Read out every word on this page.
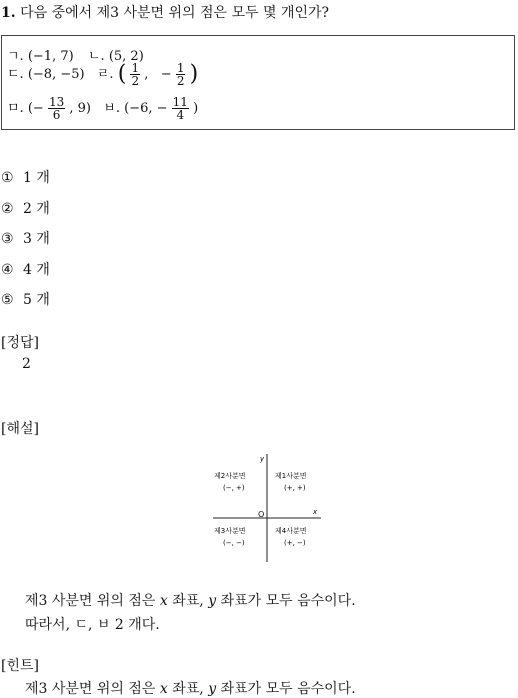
1. 다음 중에서 제3 사분면 위의 점은 모두 몇 개인가?
ㄱ. (−1, 7) ㄴ. (5, 2)
ㄷ. (−8, −5) ㄹ. ( $\frac{1}{2}$ ,   − $\frac{1}{2}$ )
ㅁ. (− $\frac{13}{6}$ , 9) ㅂ. (−6, − $\frac{11}{4}$ )
① 1 개
② 2 개
③ 3 개
④ 4 개
⑤ 5 개
[정답]
2
[해설]
y
x
O
제2사분면
(−, +)
제1사분면
(+, +)
제3사분면
(−, −)
제4사분면
(+, −)
제3 사분면 위의 점은 x 좌표, y 좌표가 모두 음수이다.
따라서, ㄷ, ㅂ 2 개다.
[힌트]
제3 사분면 위의 점은 x 좌표, y 좌표가 모두 음수이다.
